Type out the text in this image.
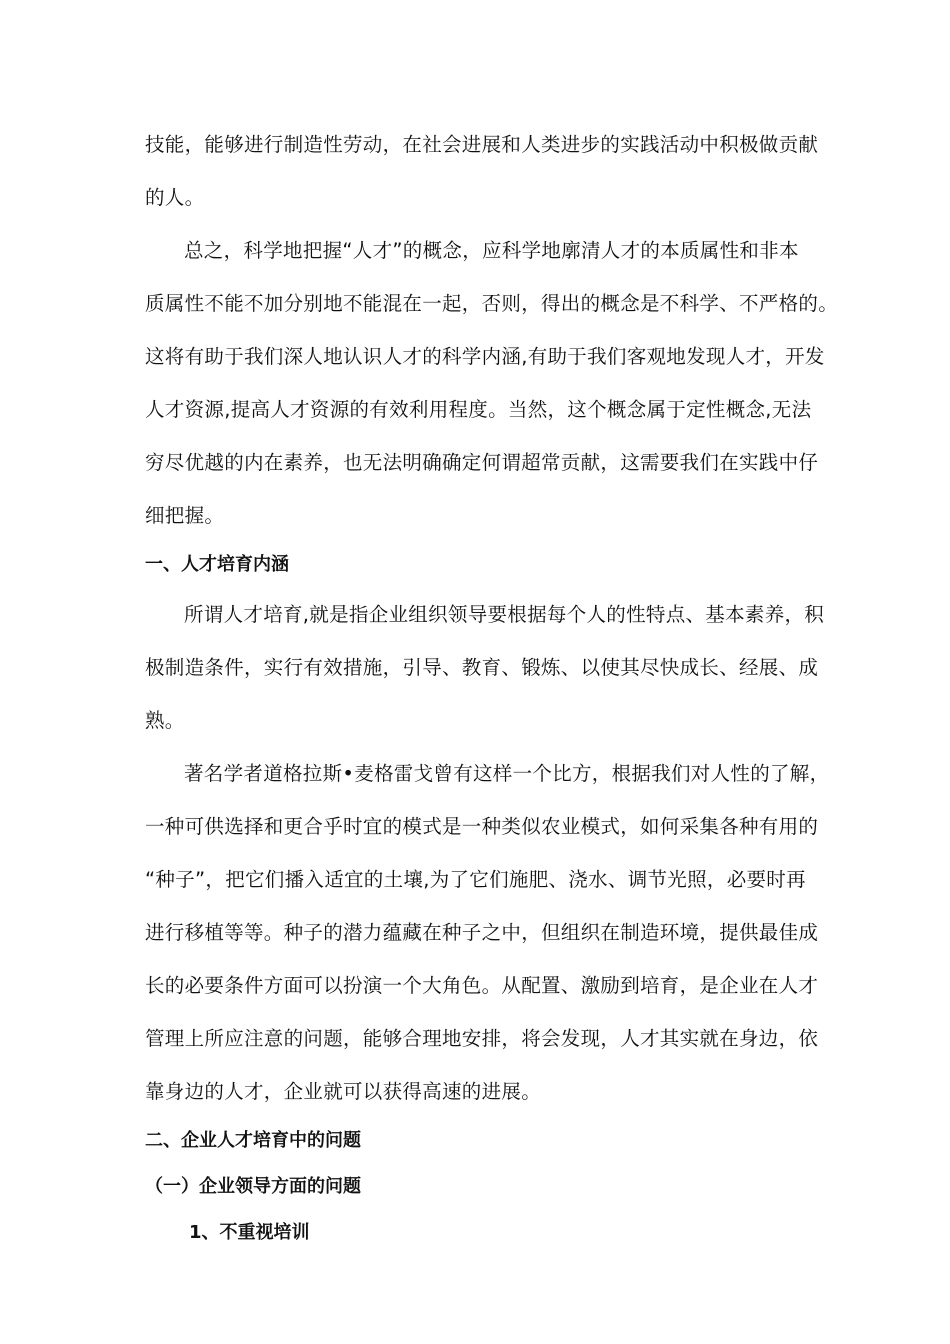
技能，能够进行制造性劳动，在社会进展和人类进步的实践活动中积极做贡献
的人。
总之，科学地把握“人才”的概念，应科学地廓清人才的本质属性和非本
质属性不能不加分别地不能混在一起，否则，得出的概念是不科学、不严格的。
这将有助于我们深人地认识人才的科学内涵,有助于我们客观地发现人才，开发
人才资源,提高人才资源的有效利用程度。当然，这个概念属于定性概念,无法
穷尽优越的内在素养，也无法明确确定何谓超常贡献，这需要我们在实践中仔
细把握。
一、人才培育内涵
所谓人才培育,就是指企业组织领导要根据每个人的性特点、基本素养，积
极制造条件，实行有效措施，引导、教育、锻炼、以使其尽快成长、经展、成
熟。
著名学者道格拉斯•麦格雷戈曾有这样一个比方，根据我们对人性的了解，
一种可供选择和更合乎时宜的模式是一种类似农业模式，如何采集各种有用的
“种子”，把它们播入适宜的土壤,为了它们施肥、浇水、调节光照，必要时再
进行移植等等。种子的潜力蕴藏在种子之中，但组织在制造环境，提供最佳成
长的必要条件方面可以扮演一个大角色。从配置、激励到培育，是企业在人才
管理上所应注意的问题，能够合理地安排，将会发现，人才其实就在身边，依
靠身边的人才，企业就可以获得高速的进展。
二、企业人才培育中的问题
（一）企业领导方面的问题
1、不重视培训
